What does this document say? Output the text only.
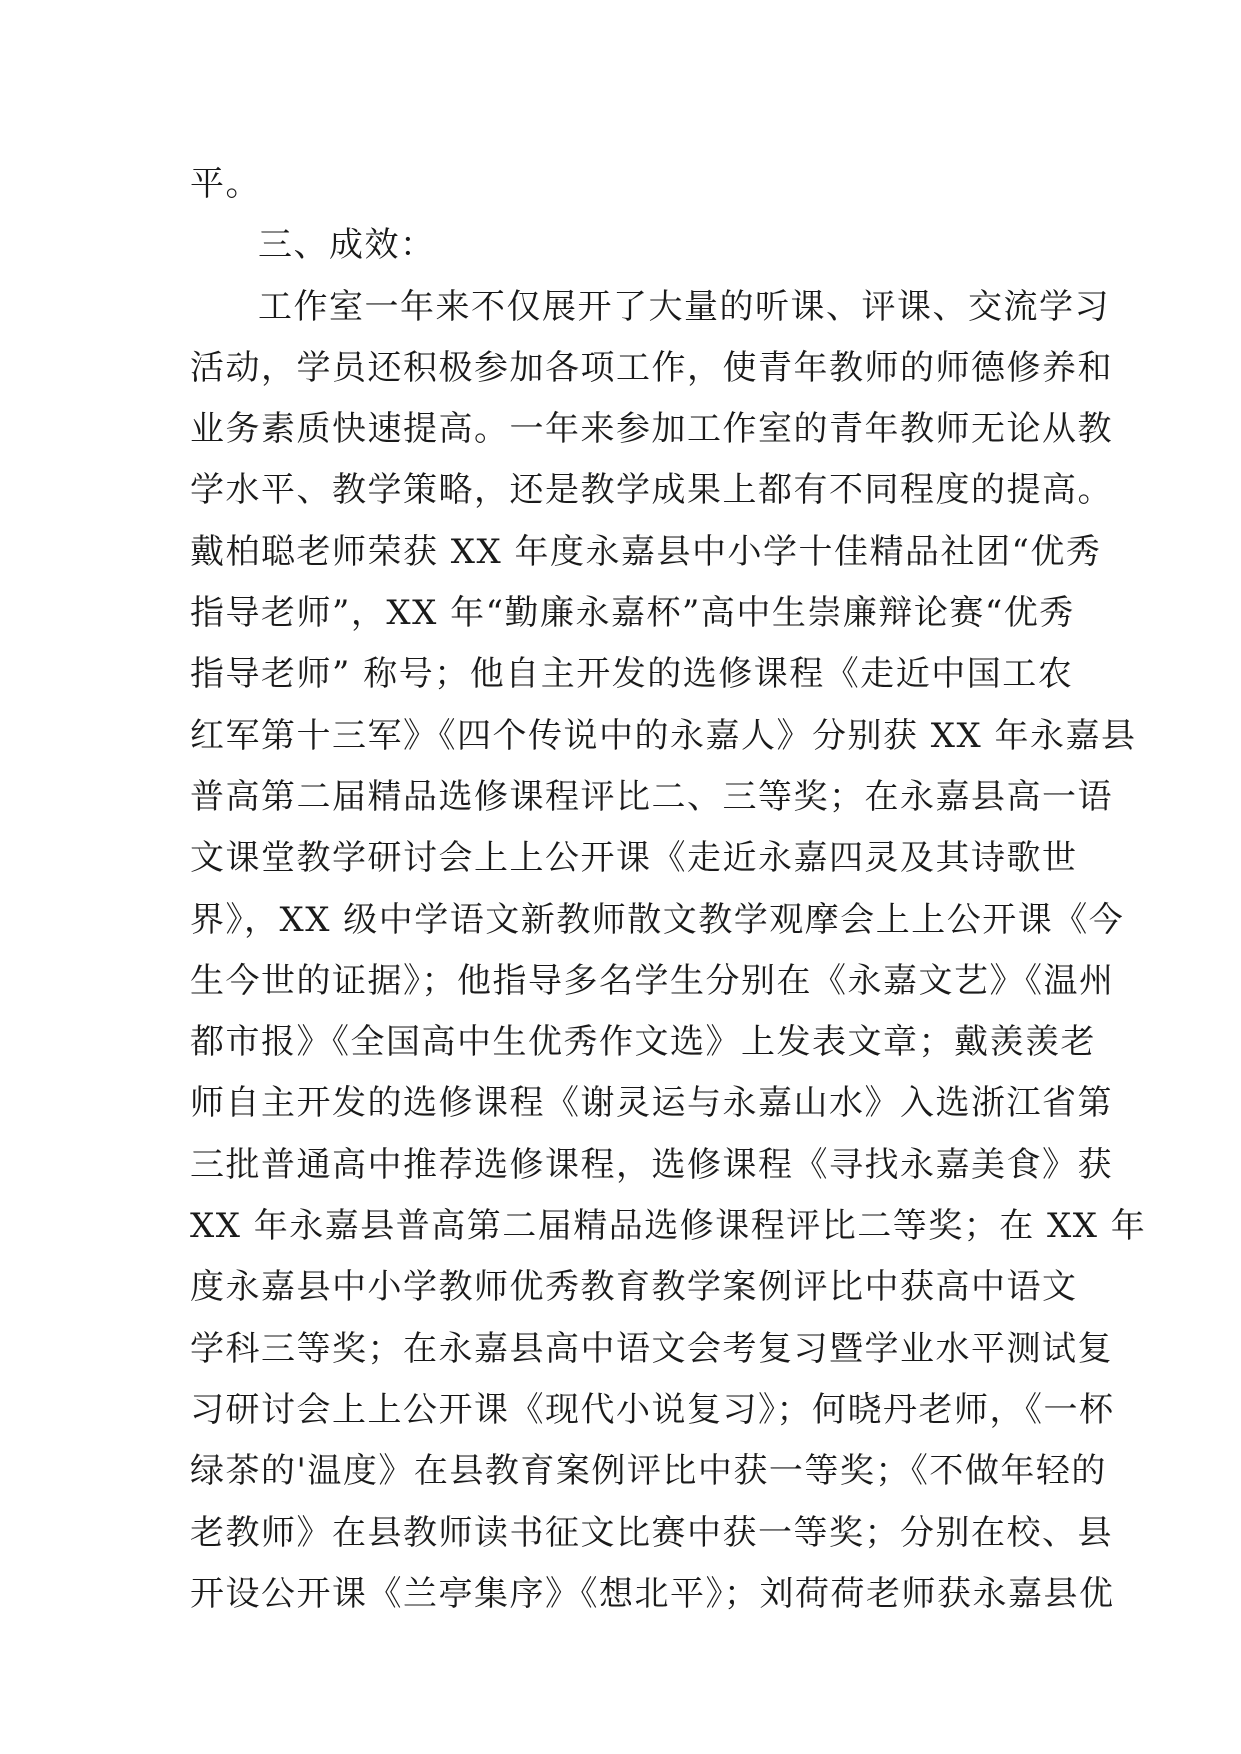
平。
三、成效：
工作室一年来不仅展开了大量的听课、评课、交流学习
活动，学员还积极参加各项工作，使青年教师的师德修养和
业务素质快速提高。一年来参加工作室的青年教师无论从教
学水平、教学策略，还是教学成果上都有不同程度的提高。
戴柏聪老师荣获 XX 年度永嘉县中小学十佳精品社团“优秀
指导老师”，XX 年“勤廉永嘉杯”高中生崇廉辩论赛“优秀
指导老师” 称号；他自主开发的选修课程《走近中国工农
红军第十三军》《四个传说中的永嘉人》分别获 XX 年永嘉县
普高第二届精品选修课程评比二、三等奖；在永嘉县高一语
文课堂教学研讨会上上公开课《走近永嘉四灵及其诗歌世
界》，XX 级中学语文新教师散文教学观摩会上上公开课《今
生今世的证据》；他指导多名学生分别在《永嘉文艺》《温州
都市报》《全国高中生优秀作文选》上发表文章；戴羡羡老
师自主开发的选修课程《谢灵运与永嘉山水》入选浙江省第
三批普通高中推荐选修课程，选修课程《寻找永嘉美食》获
XX 年永嘉县普高第二届精品选修课程评比二等奖；在 XX 年
度永嘉县中小学教师优秀教育教学案例评比中获高中语文
学科三等奖；在永嘉县高中语文会考复习暨学业水平测试复
习研讨会上上公开课《现代小说复习》；何晓丹老师，《一杯
绿茶的'温度》在县教育案例评比中获一等奖；《不做年轻的
老教师》在县教师读书征文比赛中获一等奖；分别在校、县
开设公开课《兰亭集序》《想北平》；刘荷荷老师获永嘉县优
